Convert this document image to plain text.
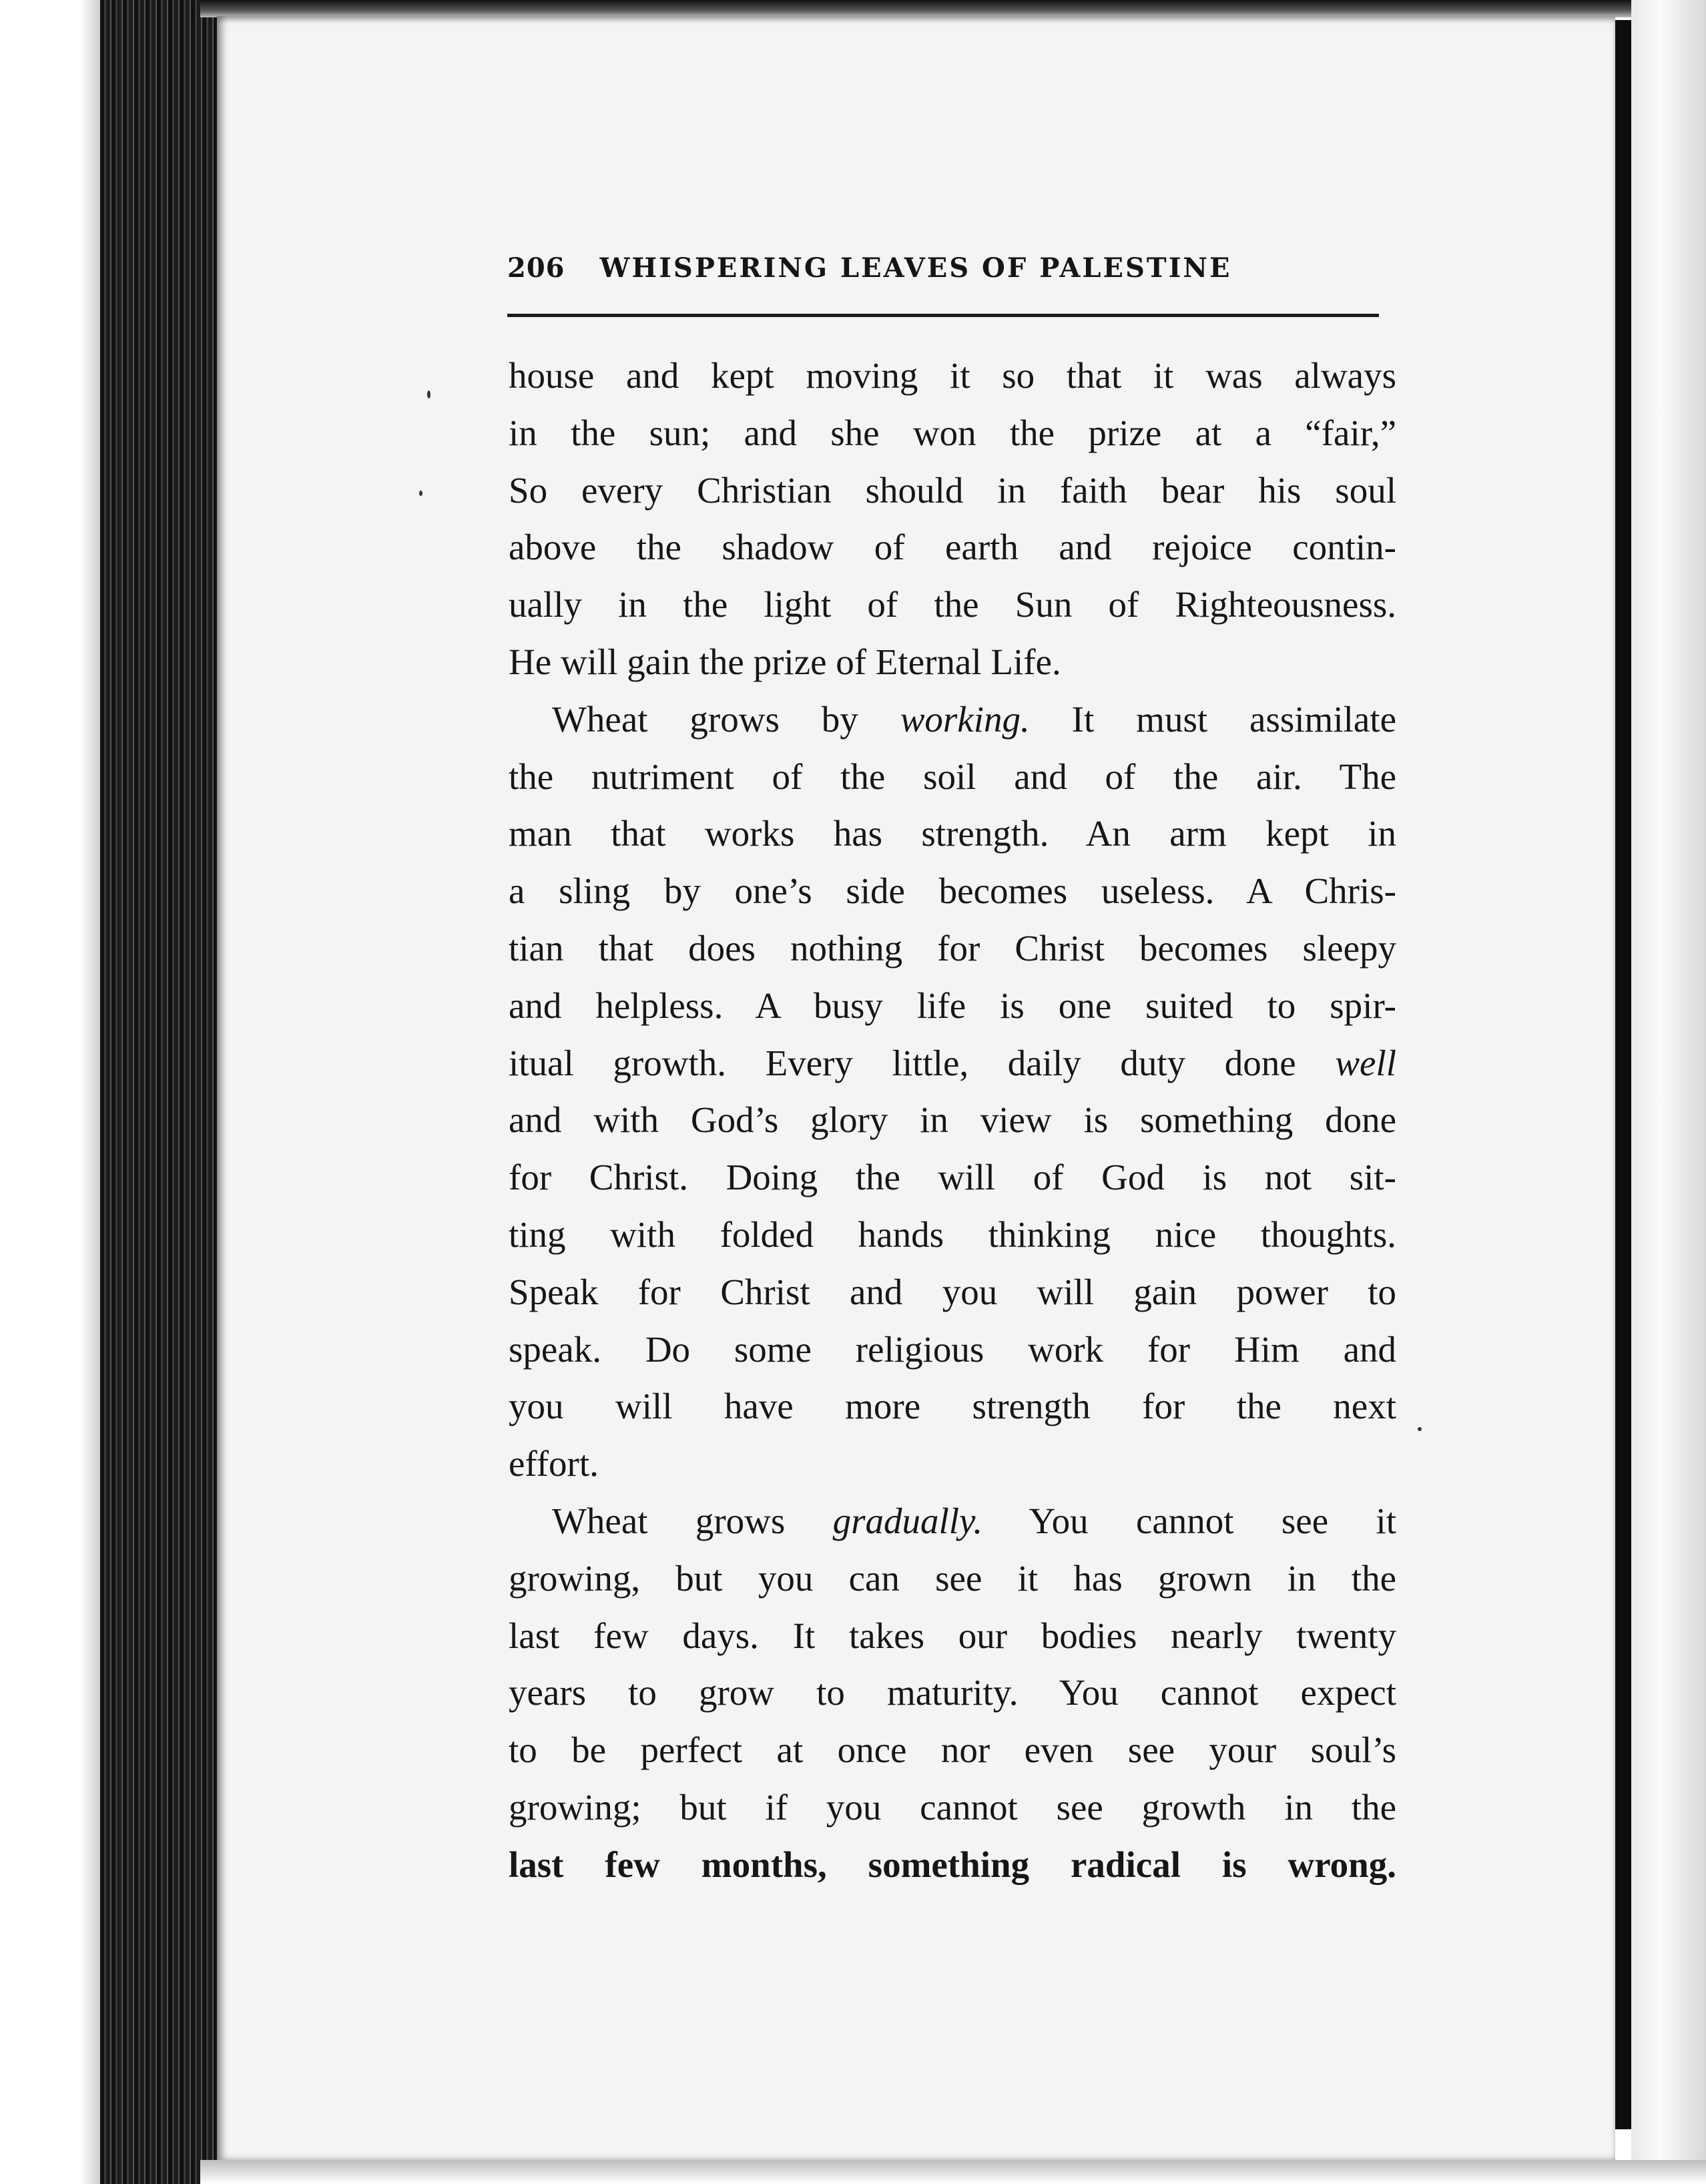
206 WHISPERING LEAVES OF PALESTINE
house and kept moving it so that it was always
in the sun; and she won the prize at a “fair,”
So every Christian should in faith bear his soul
above the shadow of earth and rejoice contin-
ually in the light of the Sun of Righteousness.
He will gain the prize of Eternal Life.
Wheat grows by working. It must assimilate
the nutriment of the soil and of the air. The
man that works has strength. An arm kept in
a sling by one’s side becomes useless. A Chris-
tian that does nothing for Christ becomes sleepy
and helpless. A busy life is one suited to spir-
itual growth. Every little, daily duty done well
and with God’s glory in view is something done
for Christ. Doing the will of God is not sit-
ting with folded hands thinking nice thoughts.
Speak for Christ and you will gain power to
speak. Do some religious work for Him and
you will have more strength for the next
effort.
Wheat grows gradually. You cannot see it
growing, but you can see it has grown in the
last few days. It takes our bodies nearly twenty
years to grow to maturity. You cannot expect
to be perfect at once nor even see your soul’s
growing; but if you cannot see growth in the
last few months, something radical is wrong.
